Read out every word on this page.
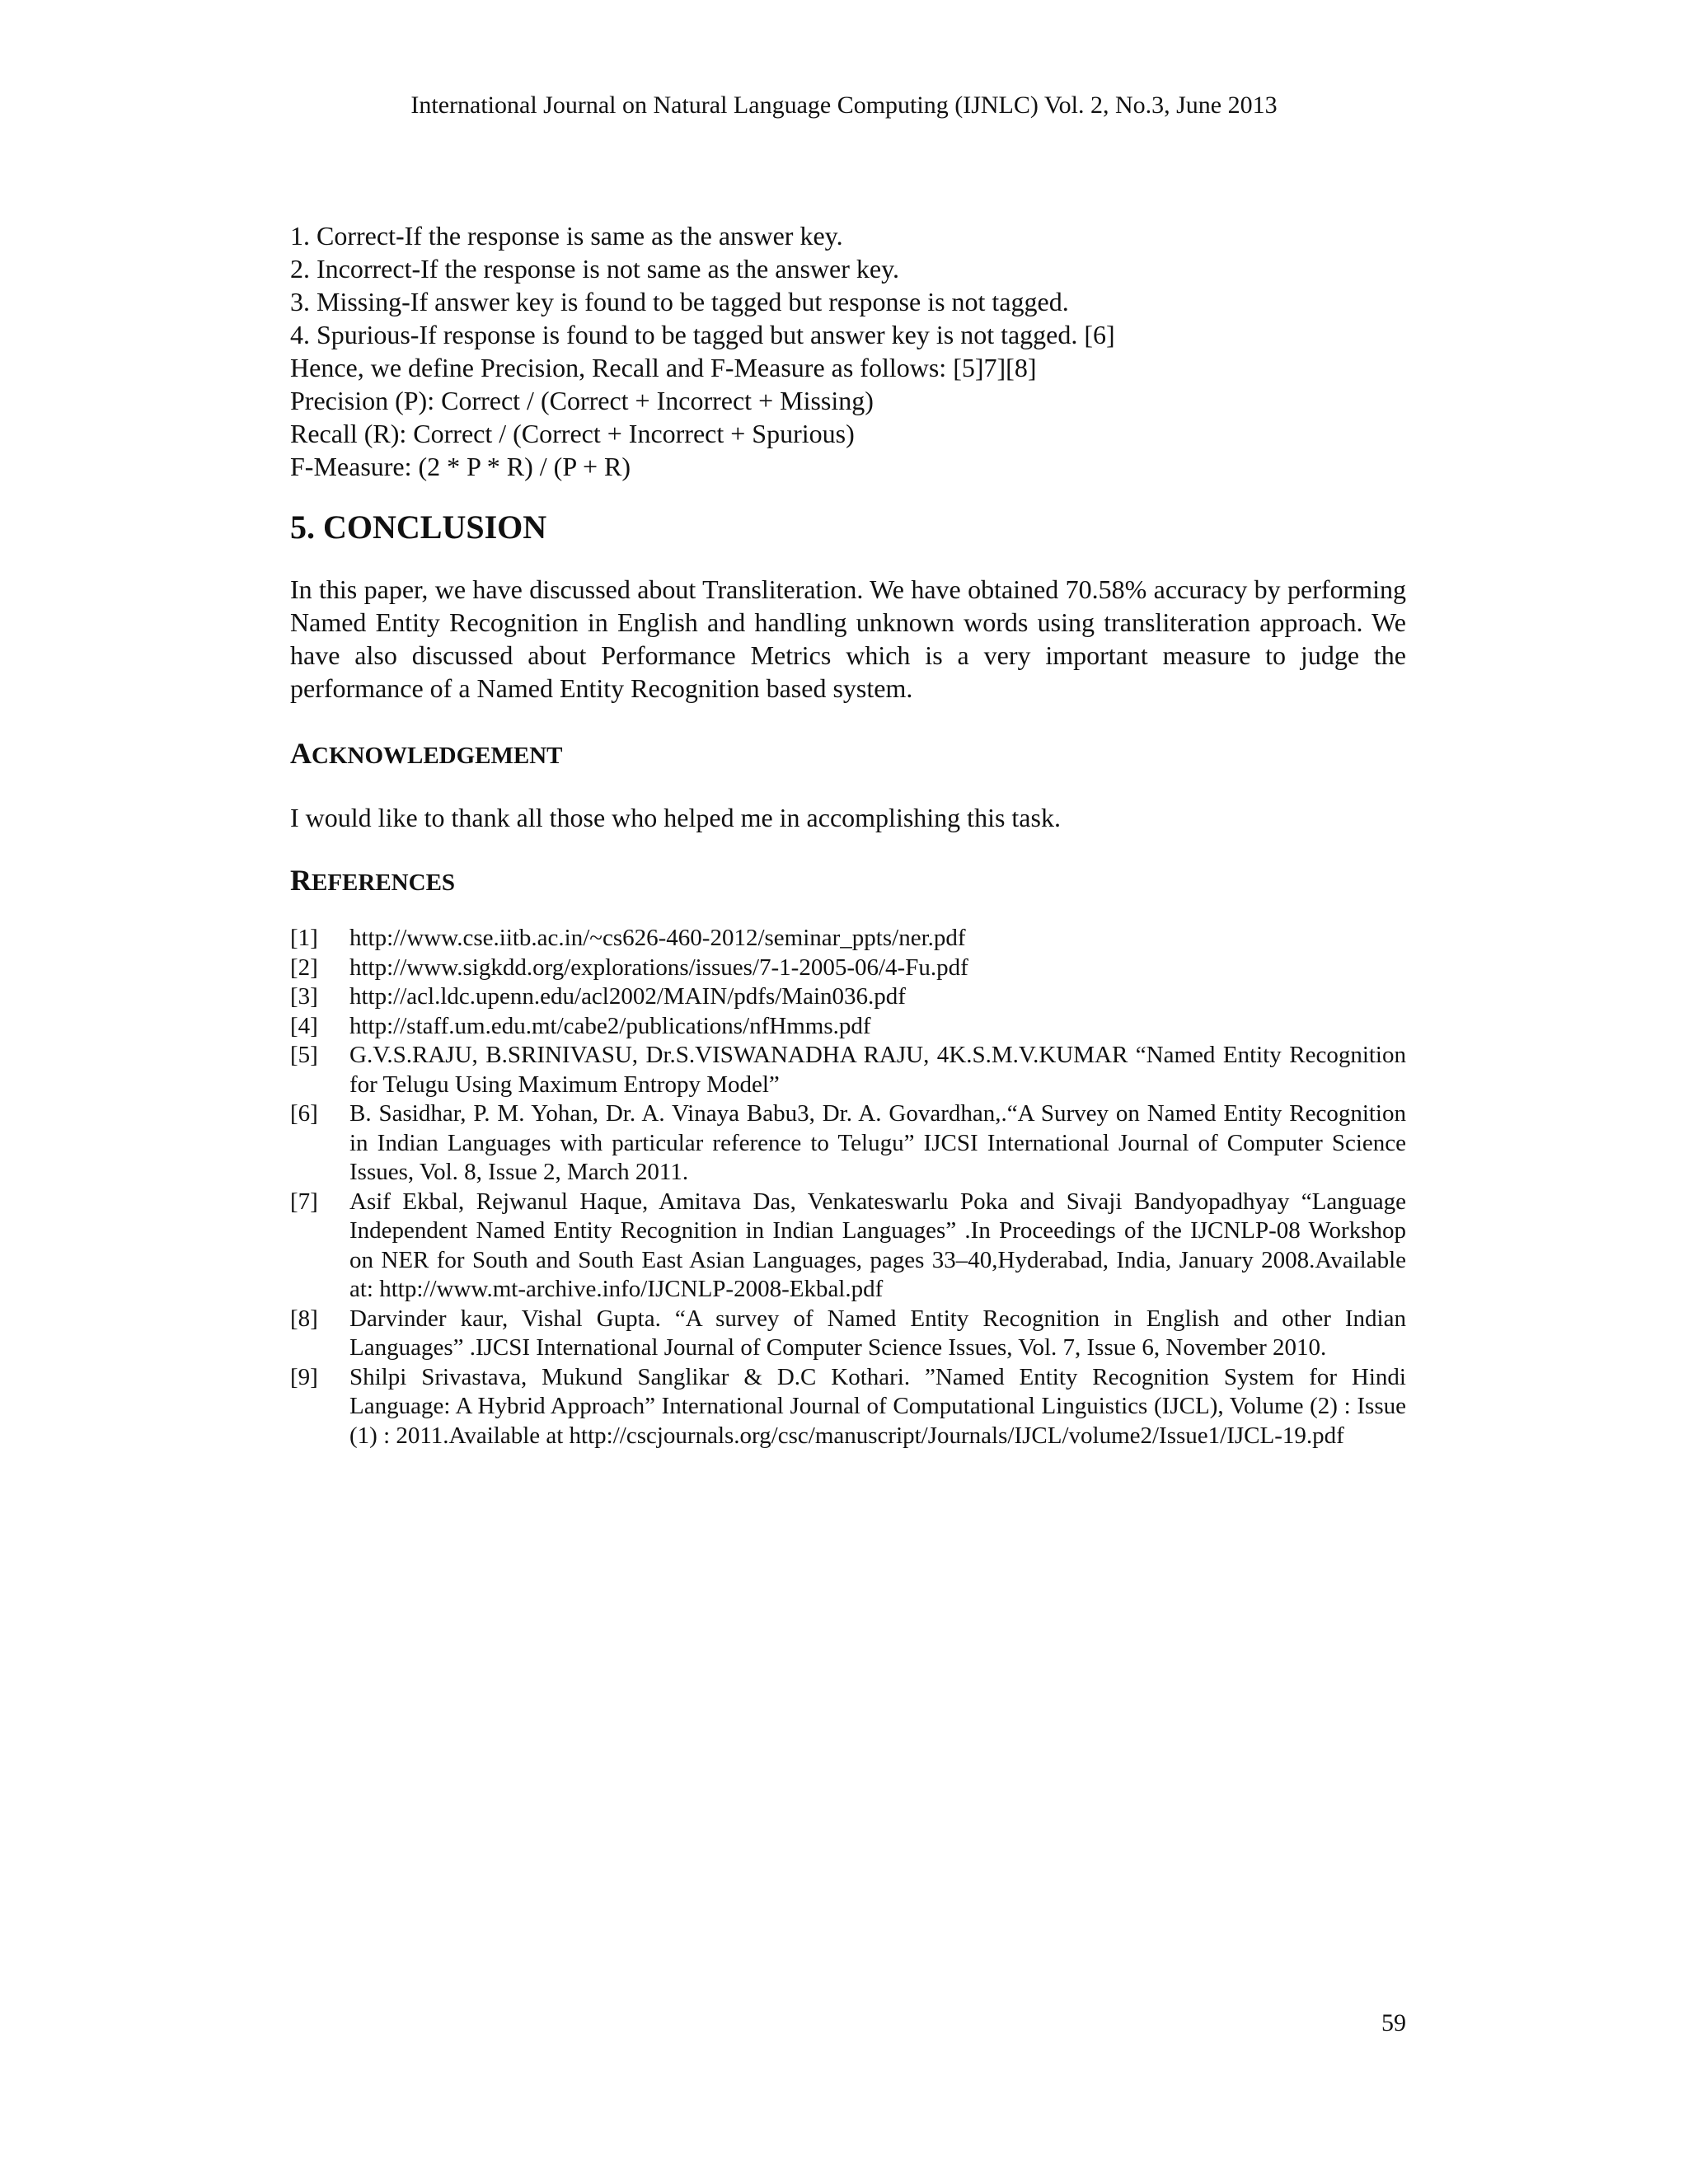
International Journal on Natural Language Computing (IJNLC) Vol. 2, No.3, June 2013
1. Correct-If the response is same as the answer key.
2. Incorrect-If the response is not same as the answer key.
3. Missing-If answer key is found to be tagged but response is not tagged.
4. Spurious-If response is found to be tagged but answer key is not tagged. [6]
Hence, we define Precision, Recall and F-Measure as follows: [5]7][8]
Precision (P): Correct / (Correct + Incorrect + Missing)
Recall (R): Correct / (Correct + Incorrect + Spurious)
F-Measure: (2 * P * R) / (P + R)
5. CONCLUSION

In this paper, we have discussed about Transliteration. We have obtained 70.58% accuracy by performing Named Entity Recognition in English and handling unknown words using transliteration approach. We have also discussed about Performance Metrics which is a very important measure to judge the performance of a Named Entity Recognition based system.

ACKNOWLEDGEMENT

I would like to thank all those who helped me in accomplishing this task.

REFERENCES
[1] http://www.cse.iitb.ac.in/~cs626-460-2012/seminar_ppts/ner.pdf
[2] http://www.sigkdd.org/explorations/issues/7-1-2005-06/4-Fu.pdf
[3] http://acl.ldc.upenn.edu/acl2002/MAIN/pdfs/Main036.pdf
[4] http://staff.um.edu.mt/cabe2/publications/nfHmms.pdf
[5] G.V.S.RAJU, B.SRINIVASU, Dr.S.VISWANADHA RAJU, 4K.S.M.V.KUMAR “Named Entity Recognition for Telugu Using Maximum Entropy Model”
[6] B. Sasidhar, P. M. Yohan, Dr. A. Vinaya Babu3, Dr. A. Govardhan,.“A Survey on Named Entity Recognition in Indian Languages with particular reference to Telugu” IJCSI International Journal of Computer Science Issues, Vol. 8, Issue 2, March 2011.
[7] Asif Ekbal, Rejwanul Haque, Amitava Das, Venkateswarlu Poka and Sivaji Bandyopadhyay “Language Independent Named Entity Recognition in Indian Languages” .In Proceedings of the IJCNLP-08 Workshop on NER for South and South East Asian Languages, pages 33–40,Hyderabad, India, January 2008.Available at: http://www.mt-archive.info/IJCNLP-2008-Ekbal.pdf
[8] Darvinder kaur, Vishal Gupta. “A survey of Named Entity Recognition in English and other Indian Languages” .IJCSI International Journal of Computer Science Issues, Vol. 7, Issue 6, November 2010.
[9] Shilpi Srivastava, Mukund Sanglikar & D.C Kothari. ”Named Entity Recognition System for Hindi Language: A Hybrid Approach” International Journal of Computational Linguistics (IJCL), Volume (2) : Issue (1) : 2011.Available at http://cscjournals.org/csc/manuscript/Journals/IJCL/volume2/Issue1/IJCL-19.pdf
59
